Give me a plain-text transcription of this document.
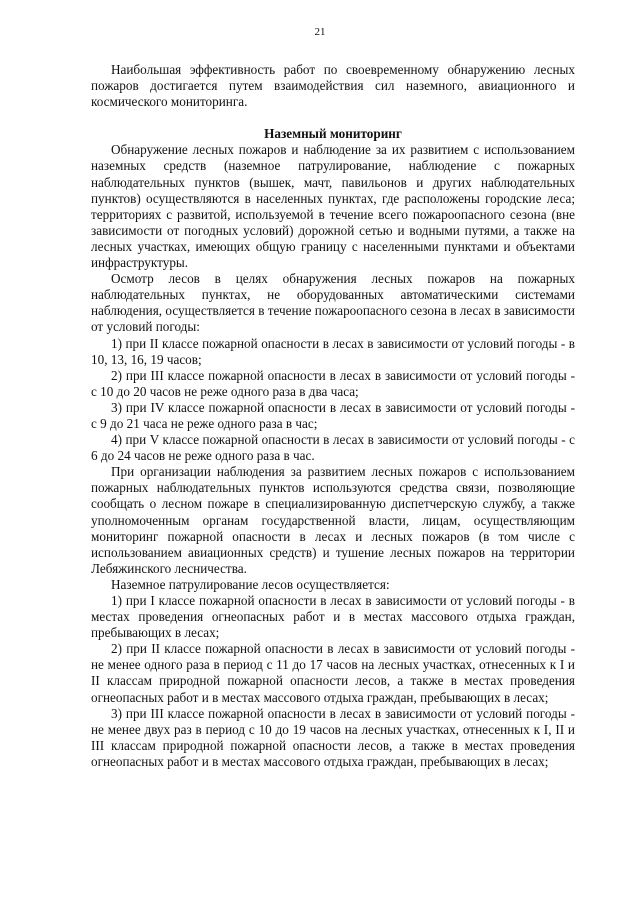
21

Наибольшая эффективность работ по своевременному обнаружению лесных пожаров достигается путем взаимодействия сил наземного, авиационного и космического мониторинга.

Наземный мониторинг

Обнаружение лесных пожаров и наблюдение за их развитием с использованием наземных средств (наземное патрулирование, наблюдение с пожарных наблюдательных пунктов (вышек, мачт, павильонов и других наблюдательных пунктов) осуществляются в населенных пунктах, где расположены городские леса; территориях с развитой, используемой в течение всего пожароопасного сезона (вне зависимости от погодных условий) дорожной сетью и водными путями, а также на лесных участках, имеющих общую границу с населенными пунктами и объектами инфраструктуры.

Осмотр лесов в целях обнаружения лесных пожаров на пожарных наблюдательных пунктах, не оборудованных автоматическими системами наблюдения, осуществляется в течение пожароопасного сезона в лесах в зависимости от условий погоды:

1) при II классе пожарной опасности в лесах в зависимости от условий погоды - в 10, 13, 16, 19 часов;

2) при III классе пожарной опасности в лесах в зависимости от условий погоды - с 10 до 20 часов не реже одного раза в два часа;

3) при IV классе пожарной опасности в лесах в зависимости от условий погоды - с 9 до 21 часа не реже одного раза в час;

4) при V классе пожарной опасности в лесах в зависимости от условий погоды - с 6 до 24 часов не реже одного раза в час.

При организации наблюдения за развитием лесных пожаров с использованием пожарных наблюдательных пунктов используются средства связи, позволяющие сообщать о лесном пожаре в специализированную диспетчерскую службу, а также уполномоченным органам государственной власти, лицам, осуществляющим мониторинг пожарной опасности в лесах и лесных пожаров (в том числе с использованием авиационных средств) и тушение лесных пожаров на территории Лебяжинского лесничества.

Наземное патрулирование лесов осуществляется:

1) при I классе пожарной опасности в лесах в зависимости от условий погоды - в местах проведения огнеопасных работ и в местах массового отдыха граждан, пребывающих в лесах;

2) при II классе пожарной опасности в лесах в зависимости от условий погоды - не менее одного раза в период с 11 до 17 часов на лесных участках, отнесенных к I и II классам природной пожарной опасности лесов, а также в местах проведения огнеопасных работ и в местах массового отдыха граждан, пребывающих в лесах;

3) при III классе пожарной опасности в лесах в зависимости от условий погоды - не менее двух раз в период с 10 до 19 часов на лесных участках, отнесенных к I, II и III классам природной пожарной опасности лесов, а также в местах проведения огнеопасных работ и в местах массового отдыха граждан, пребывающих в лесах;
